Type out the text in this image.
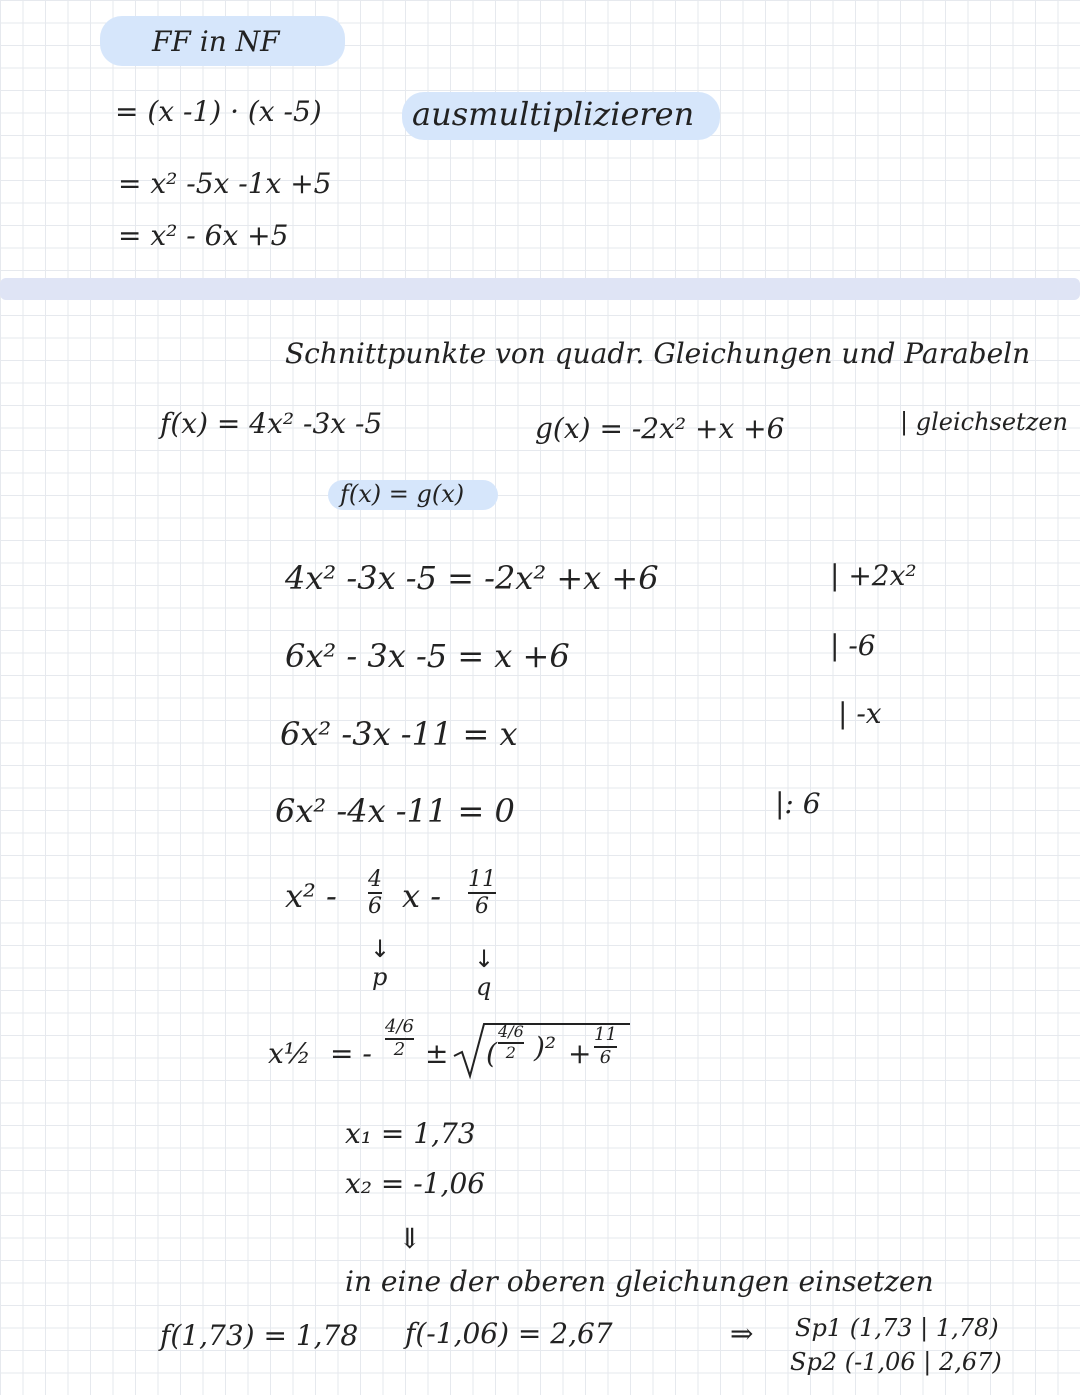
FF in NF
= (x -1) · (x -5)	ausmultiplizieren
= x² -5x -1x +5
= x² - 6x +5
Schnittpunkte von quadr. Gleichungen und Parabeln
f(x) = 4x² -3x -5	g(x) = -2x² +x +6	| gleichsetzen
f(x) = g(x)
4x² -3x -5 = -2x² +x +6	| +2x²
6x² - 3x -5 = x +6	| -6
6x² -3x -11 = x
| -x
6x² -4x -11 = 0	|: 6
x² - 4
6 x - 11
6
↓
p
↓
q
x½ = -
4/6
2 ± (
4/6
2 )² +
11
6
x₁ = 1,73
x₂ = -1,06
⇓
in eine der oberen gleichungen einsetzen
f(1,73) = 1,78 f(-1,06) = 2,67	⇒ Sp1 (1,73 | 1,78)
Sp2 (-1,06 | 2,67)
